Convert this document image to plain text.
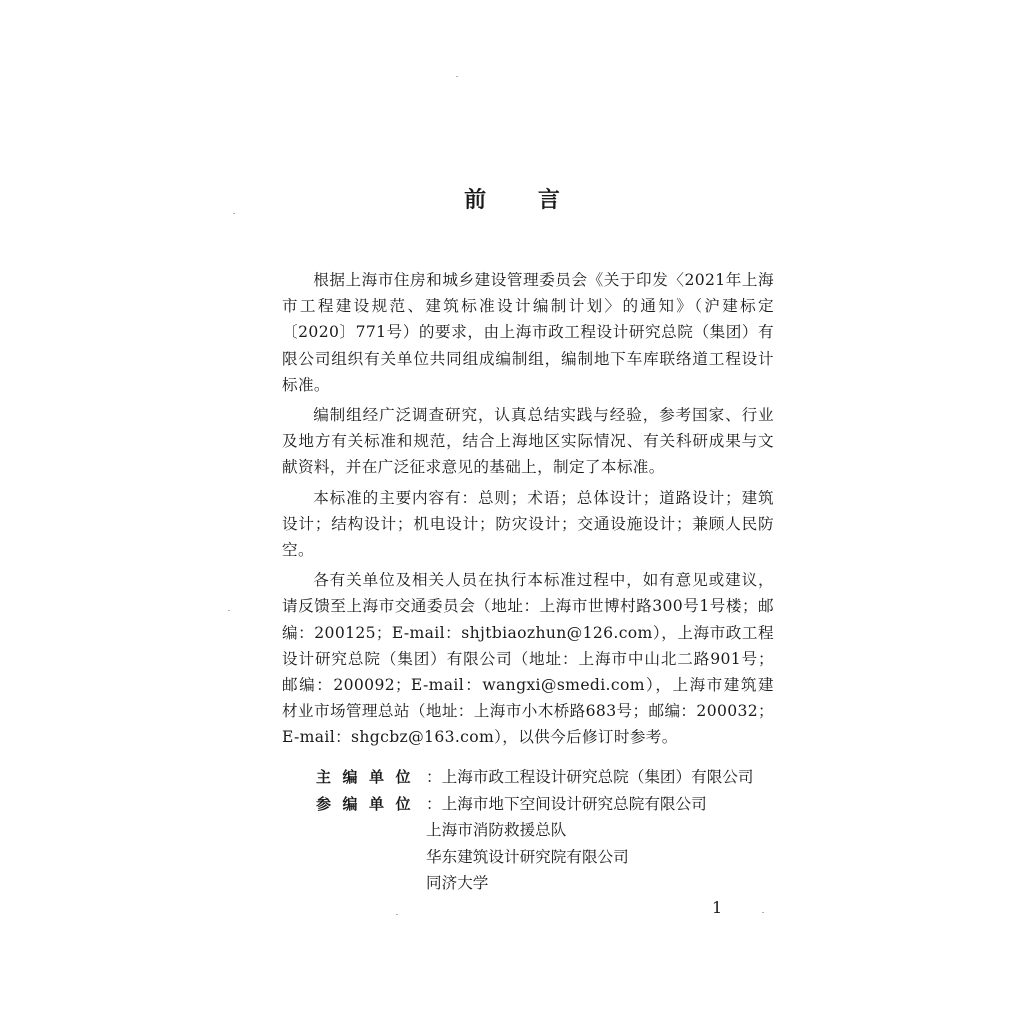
前 言

根据上海市住房和城乡建设管理委员会《关于印发〈2021年上海市工程建设规范、建筑标准设计编制计划〉的通知》（沪建标定〔2020〕771号）的要求，由上海市政工程设计研究总院（集团）有限公司组织有关单位共同组成编制组，编制地下车库联络道工程设计标准。

编制组经广泛调查研究，认真总结实践与经验，参考国家、行业及地方有关标准和规范，结合上海地区实际情况、有关科研成果与文献资料，并在广泛征求意见的基础上，制定了本标准。

本标准的主要内容有：总则；术语；总体设计；道路设计；建筑设计；结构设计；机电设计；防灾设计；交通设施设计；兼顾人民防空。

各有关单位及相关人员在执行本标准过程中，如有意见或建议，请反馈至上海市交通委员会（地址：上海市世博村路300号1号楼；邮编：200125；E-mail：shjtbiaozhun@126.com），上海市政工程设计研究总院（集团）有限公司（地址：上海市中山北二路901号；邮编：200092；E-mail：wangxi@smedi.com），上海市建筑建材业市场管理总站（地址：上海市小木桥路683号；邮编：200032；E-mail：shgcbz@163.com），以供今后修订时参考。

主编单位 ：上海市政工程设计研究总院（集团）有限公司
参编单位 ：上海市地下空间设计研究总院有限公司
上海市消防救援总队
华东建筑设计研究院有限公司
同济大学
1
